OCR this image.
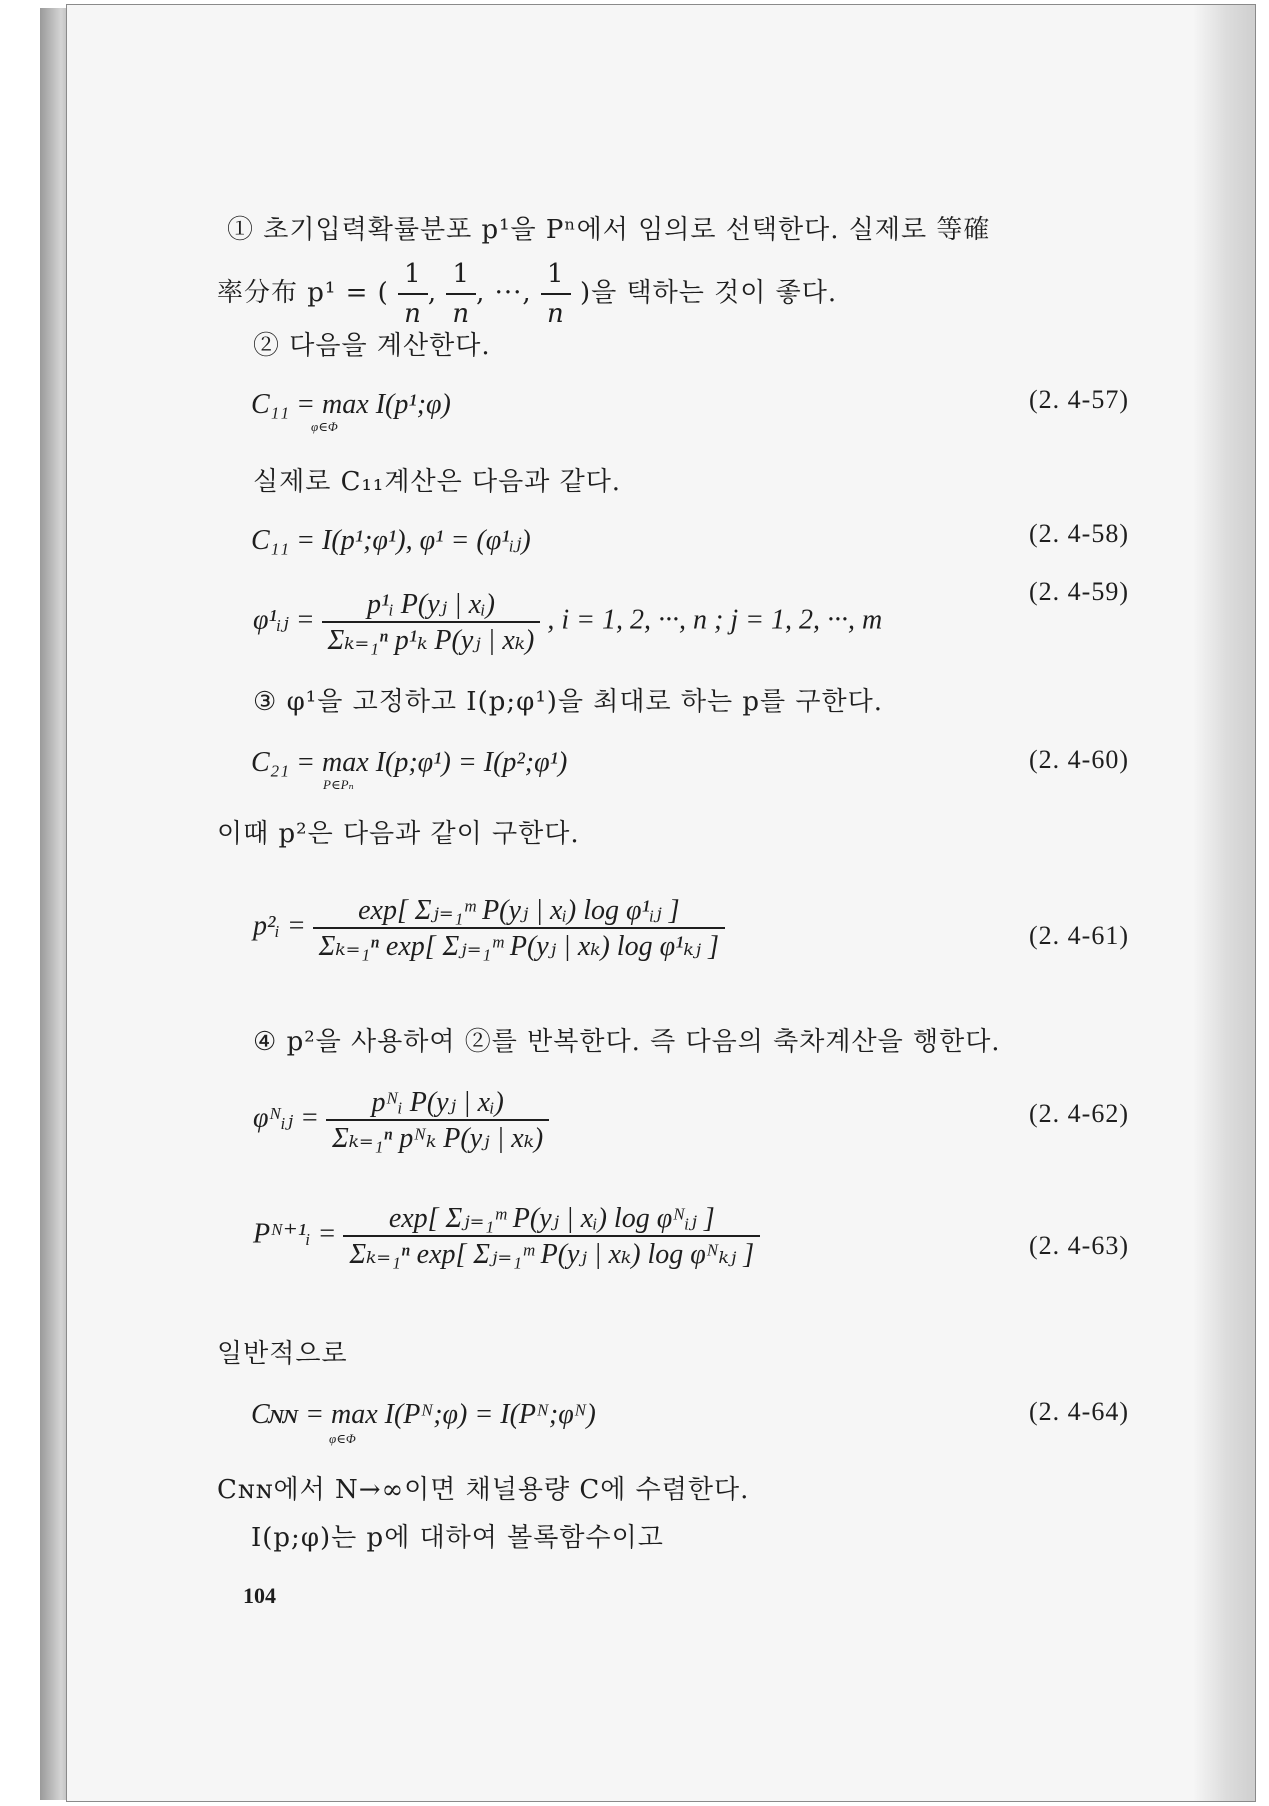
① 초기입력확률분포 p¹을 Pⁿ에서 임의로 선택한다. 실제로 等確
率分布 p¹ = ( $\frac{1}{n}$ , $\frac{1}{n}$ , ···, $\frac{1}{n}$ )을 택하는 것이 좋다.
② 다음을 계산한다.
C₁₁ = max I(p¹;φ)
φ∈Φ
(2. 4-57)
실제로 C₁₁계산은 다음과 같다.
C₁₁ = I(p¹;φ¹), φ¹ = (φ¹ᵢⱼ)	(2. 4-58)
φ¹ᵢⱼ = $\frac{\text{p¹ᵢ P(yⱼ | xᵢ)}}{\text{Σₖ₌₁ⁿ p¹ₖ P(yⱼ | xₖ)}}$ , i = 1, 2, ···, n ; j = 1, 2, ···, m
(2. 4-59)
③ φ¹을 고정하고 I(p;φ¹)을 최대로 하는 p를 구한다.
C₂₁ = max I(p;φ¹) = I(p²;φ¹)
P∈Pₙ
(2. 4-60)
이때 p²은 다음과 같이 구한다.
p²ᵢ = $\frac{\text{exp[ Σⱼ₌₁ᵐ P(yⱼ | xᵢ) log φ¹ᵢⱼ ]}}{\text{Σₖ₌₁ⁿ exp[ Σⱼ₌₁ᵐ P(yⱼ | xₖ) log φ¹ₖⱼ ]}}$	(2. 4-61)
④ p²을 사용하여 ②를 반복한다. 즉 다음의 축차계산을 행한다.
φᴺᵢⱼ = $\frac{\text{pᴺᵢ P(yⱼ | xᵢ)}}{\text{Σₖ₌₁ⁿ pᴺₖ P(yⱼ | xₖ)}}$	(2. 4-62)
Pᴺ⁺¹ᵢ = $\frac{\text{exp[ Σⱼ₌₁ᵐ P(yⱼ | xᵢ) log φᴺᵢⱼ ]}}{\text{Σₖ₌₁ⁿ exp[ Σⱼ₌₁ᵐ P(yⱼ | xₖ) log φᴺₖⱼ ]}}$	(2. 4-63)
일반적으로
Cɴɴ = max I(Pᴺ;φ) = I(Pᴺ;φᴺ)
φ∈Φ
(2. 4-64)
Cɴɴ에서 N→∞이면 채널용량 C에 수렴한다.
I(p;φ)는 p에 대하여 볼록함수이고
104
